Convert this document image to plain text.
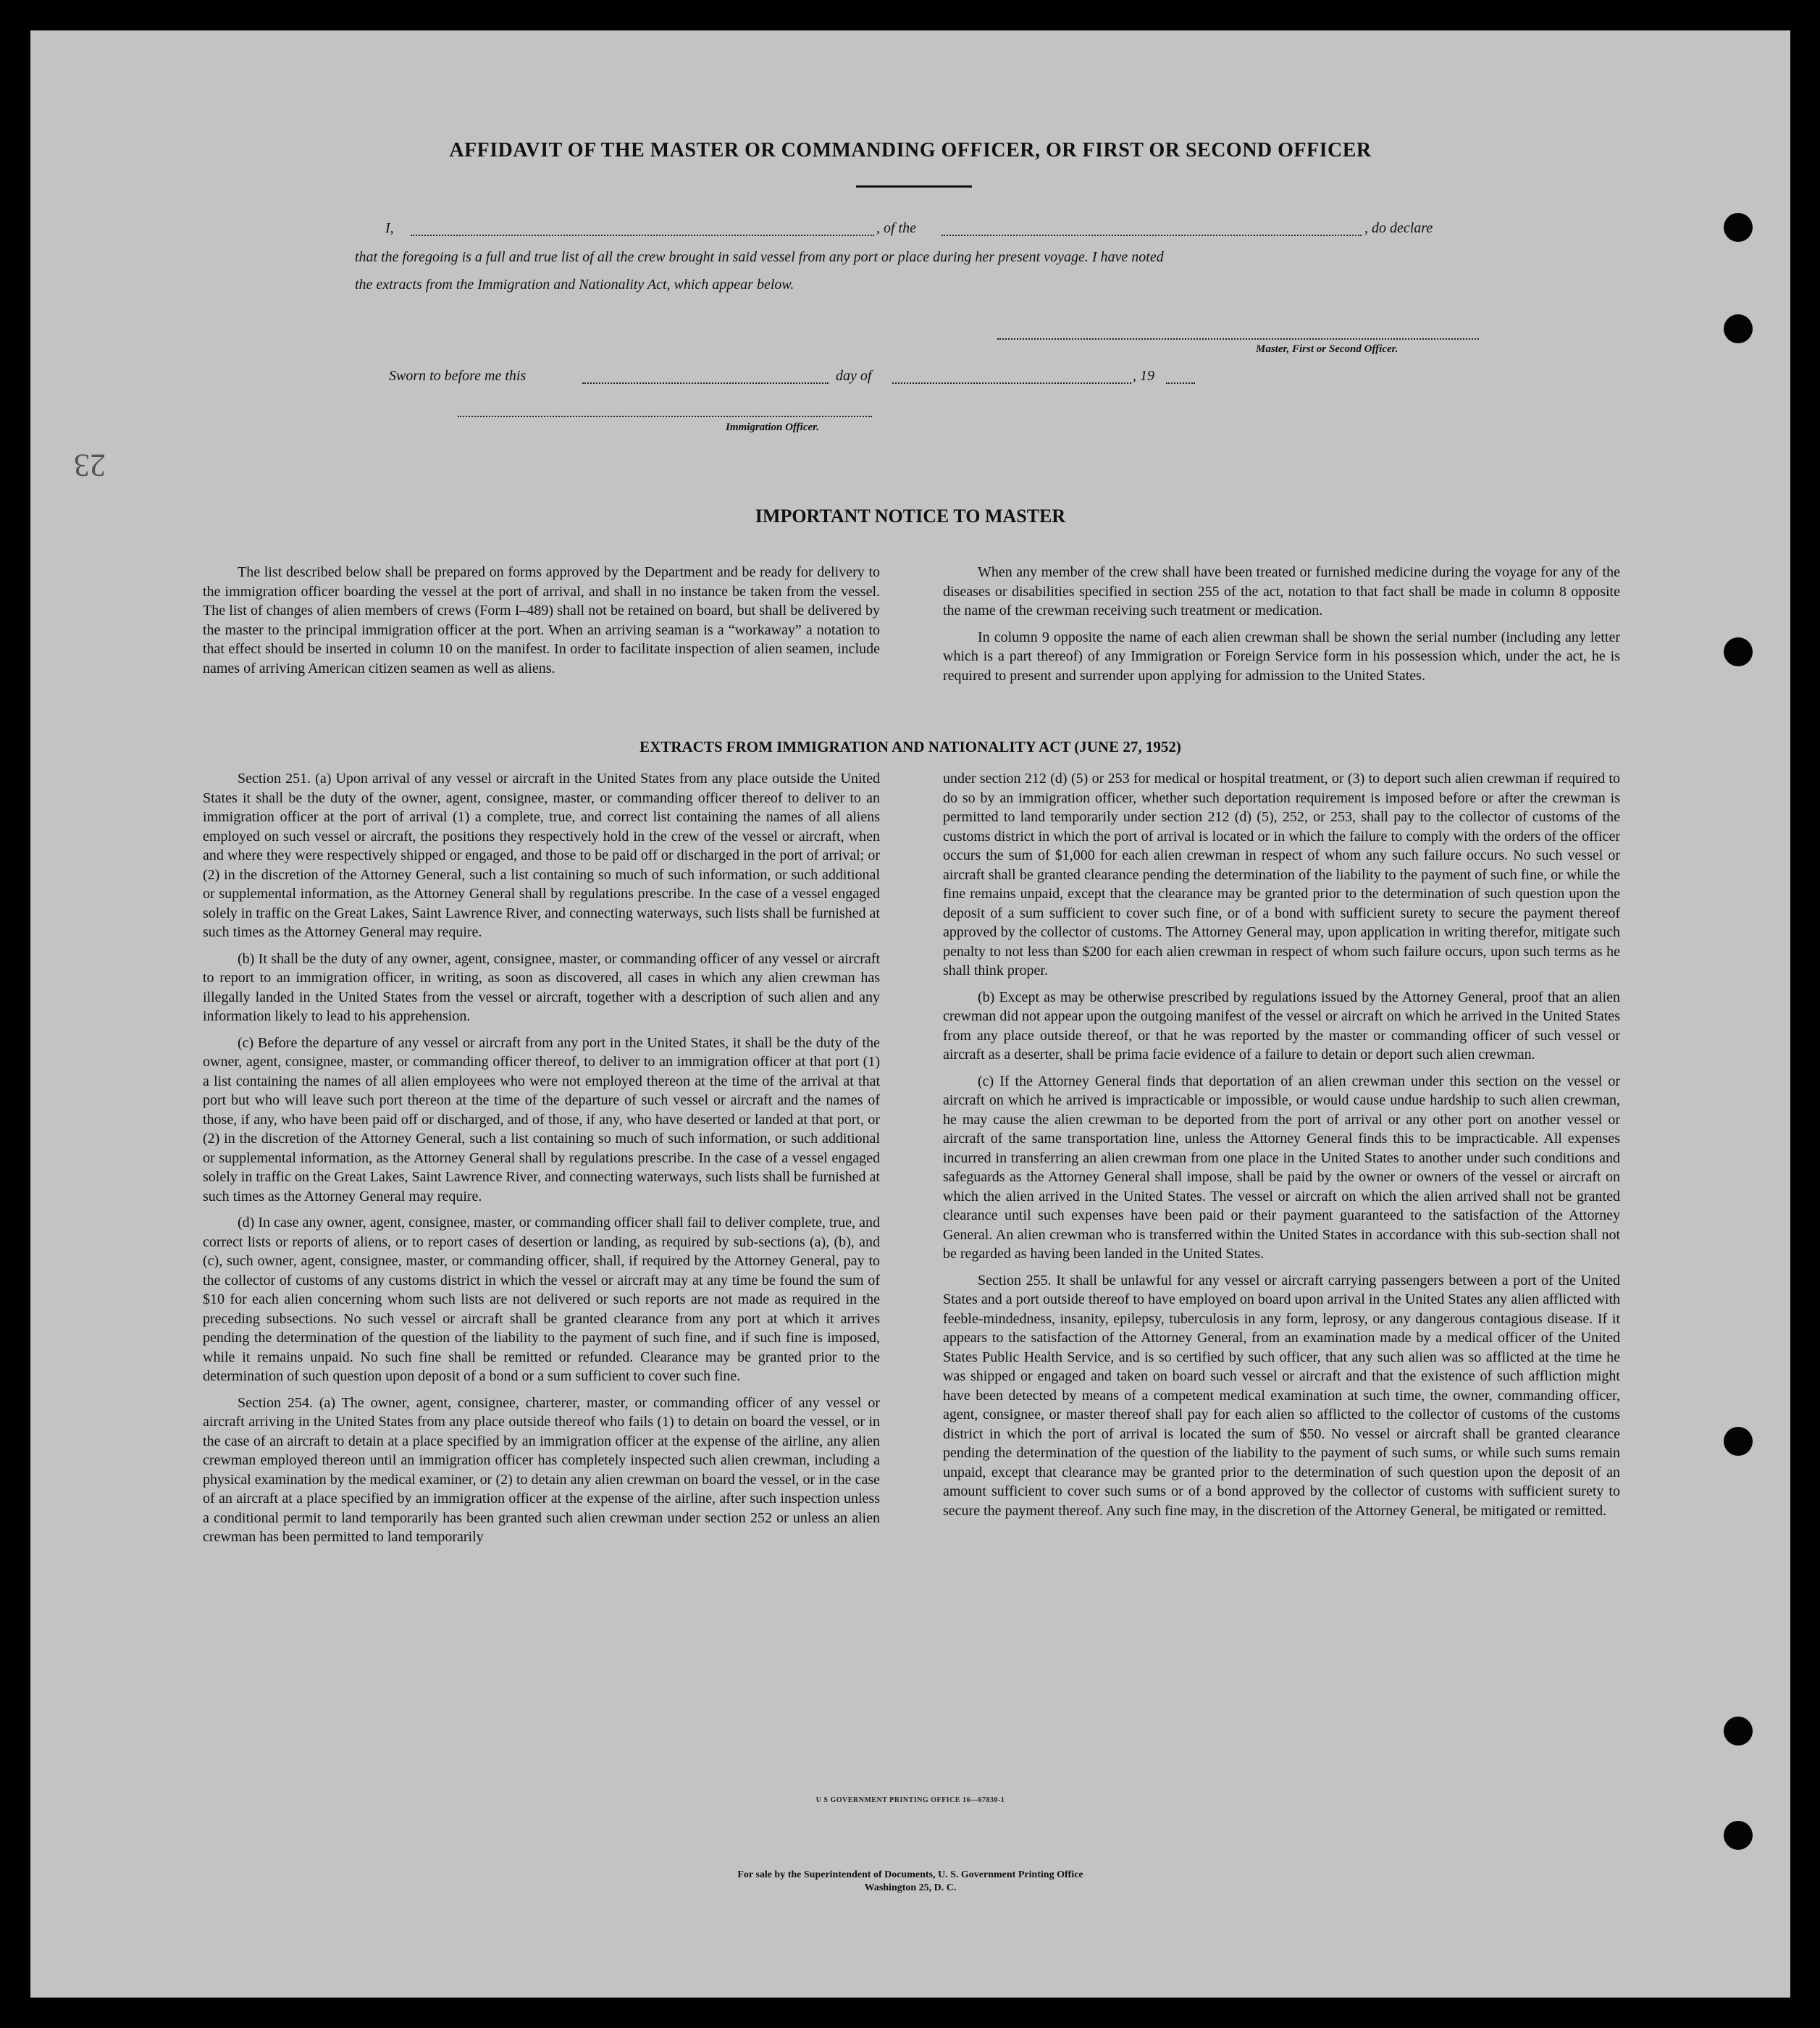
23
AFFIDAVIT OF THE MASTER OR COMMANDING OFFICER, OR FIRST OR SECOND OFFICER
I,	, of the	, do declare
that the foregoing is a full and true list of all the crew brought in said vessel from any port or place during her present voyage. I have noted
the extracts from the Immigration and Nationality Act, which appear below.
Master, First or Second Officer.
Sworn to before me this	day of	, 19
Immigration Officer.
IMPORTANT NOTICE TO MASTER

The list described below shall be prepared on forms approved by the Department and be ready for delivery to the immigration officer boarding the vessel at the port of arrival, and shall in no instance be taken from the vessel. The list of changes of alien members of crews (Form I–489) shall not be retained on board, but shall be delivered by the master to the principal immigration officer at the port. When an arriving seaman is a “workaway” a notation to that effect should be inserted in column 10 on the manifest. In order to facilitate inspection of alien seamen, include names of arriving American citizen seamen as well as aliens.

When any member of the crew shall have been treated or furnished medicine during the voyage for any of the diseases or disabilities specified in section 255 of the act, notation to that fact shall be made in column 8 opposite the name of the crewman receiving such treatment or medication.

In column 9 opposite the name of each alien crewman shall be shown the serial number (including any letter which is a part thereof) of any Immigration or Foreign Service form in his possession which, under the act, he is required to present and surrender upon applying for admission to the United States.

EXTRACTS FROM IMMIGRATION AND NATIONALITY ACT (JUNE 27, 1952)

Section 251. (a) Upon arrival of any vessel or aircraft in the United States from any place outside the United States it shall be the duty of the owner, agent, consignee, master, or commanding officer thereof to deliver to an immigration officer at the port of arrival (1) a complete, true, and correct list containing the names of all aliens employed on such vessel or aircraft, the positions they respectively hold in the crew of the vessel or aircraft, when and where they were respectively shipped or engaged, and those to be paid off or discharged in the port of arrival; or (2) in the discretion of the Attorney General, such a list containing so much of such information, or such additional or supplemental information, as the Attorney General shall by regulations prescribe. In the case of a vessel engaged solely in traffic on the Great Lakes, Saint Lawrence River, and connecting waterways, such lists shall be furnished at such times as the Attorney General may require.

(b) It shall be the duty of any owner, agent, consignee, master, or commanding officer of any vessel or aircraft to report to an immigration officer, in writing, as soon as discovered, all cases in which any alien crewman has illegally landed in the United States from the vessel or aircraft, together with a description of such alien and any information likely to lead to his apprehension.

(c) Before the departure of any vessel or aircraft from any port in the United States, it shall be the duty of the owner, agent, consignee, master, or commanding officer thereof, to deliver to an immigration officer at that port (1) a list containing the names of all alien employees who were not employed thereon at the time of the arrival at that port but who will leave such port thereon at the time of the departure of such vessel or aircraft and the names of those, if any, who have been paid off or discharged, and of those, if any, who have deserted or landed at that port, or (2) in the discretion of the Attorney General, such a list containing so much of such information, or such additional or supplemental information, as the Attorney General shall by regulations prescribe. In the case of a vessel engaged solely in traffic on the Great Lakes, Saint Lawrence River, and connecting waterways, such lists shall be furnished at such times as the Attorney General may require.

(d) In case any owner, agent, consignee, master, or commanding officer shall fail to deliver complete, true, and correct lists or reports of aliens, or to report cases of desertion or landing, as required by sub-sections (a), (b), and (c), such owner, agent, consignee, master, or commanding officer, shall, if required by the Attorney General, pay to the collector of customs of any customs district in which the vessel or aircraft may at any time be found the sum of $10 for each alien concerning whom such lists are not delivered or such reports are not made as required in the preceding subsections. No such vessel or aircraft shall be granted clearance from any port at which it arrives pending the determination of the question of the liability to the payment of such fine, and if such fine is imposed, while it remains unpaid. No such fine shall be remitted or refunded. Clearance may be granted prior to the determination of such question upon deposit of a bond or a sum sufficient to cover such fine.

Section 254. (a) The owner, agent, consignee, charterer, master, or commanding officer of any vessel or aircraft arriving in the United States from any place outside thereof who fails (1) to detain on board the vessel, or in the case of an aircraft to detain at a place specified by an immigration officer at the expense of the airline, any alien crewman employed thereon until an immigration officer has completely inspected such alien crewman, including a physical examination by the medical examiner, or (2) to detain any alien crewman on board the vessel, or in the case of an aircraft at a place specified by an immigration officer at the expense of the airline, after such inspection unless a conditional permit to land temporarily has been granted such alien crewman under section 252 or unless an alien crewman has been permitted to land temporarily

under section 212 (d) (5) or 253 for medical or hospital treatment, or (3) to deport such alien crewman if required to do so by an immigration officer, whether such deportation requirement is imposed before or after the crewman is permitted to land temporarily under section 212 (d) (5), 252, or 253, shall pay to the collector of customs of the customs district in which the port of arrival is located or in which the failure to comply with the orders of the officer occurs the sum of $1,000 for each alien crewman in respect of whom any such failure occurs. No such vessel or aircraft shall be granted clearance pending the determination of the liability to the payment of such fine, or while the fine remains unpaid, except that the clearance may be granted prior to the determination of such question upon the deposit of a sum sufficient to cover such fine, or of a bond with sufficient surety to secure the payment thereof approved by the collector of customs. The Attorney General may, upon application in writing therefor, mitigate such penalty to not less than $200 for each alien crewman in respect of whom such failure occurs, upon such terms as he shall think proper.

(b) Except as may be otherwise prescribed by regulations issued by the Attorney General, proof that an alien crewman did not appear upon the outgoing manifest of the vessel or aircraft on which he arrived in the United States from any place outside thereof, or that he was reported by the master or commanding officer of such vessel or aircraft as a deserter, shall be prima facie evidence of a failure to detain or deport such alien crewman.

(c) If the Attorney General finds that deportation of an alien crewman under this section on the vessel or aircraft on which he arrived is impracticable or impossible, or would cause undue hardship to such alien crewman, he may cause the alien crewman to be deported from the port of arrival or any other port on another vessel or aircraft of the same transportation line, unless the Attorney General finds this to be impracticable. All expenses incurred in transferring an alien crewman from one place in the United States to another under such conditions and safeguards as the Attorney General shall impose, shall be paid by the owner or owners of the vessel or aircraft on which the alien arrived in the United States. The vessel or aircraft on which the alien arrived shall not be granted clearance until such expenses have been paid or their payment guaranteed to the satisfaction of the Attorney General. An alien crewman who is transferred within the United States in accordance with this sub-section shall not be regarded as having been landed in the United States.

Section 255. It shall be unlawful for any vessel or aircraft carrying passengers between a port of the United States and a port outside thereof to have employed on board upon arrival in the United States any alien afflicted with feeble-mindedness, insanity, epilepsy, tuberculosis in any form, leprosy, or any dangerous contagious disease. If it appears to the satisfaction of the Attorney General, from an examination made by a medical officer of the United States Public Health Service, and is so certified by such officer, that any such alien was so afflicted at the time he was shipped or engaged and taken on board such vessel or aircraft and that the existence of such affliction might have been detected by means of a competent medical examination at such time, the owner, commanding officer, agent, consignee, or master thereof shall pay for each alien so afflicted to the collector of customs of the customs district in which the port of arrival is located the sum of $50. No vessel or aircraft shall be granted clearance pending the determination of the question of the liability to the payment of such sums, or while such sums remain unpaid, except that clearance may be granted prior to the determination of such question upon the deposit of an amount sufficient to cover such sums or of a bond approved by the collector of customs with sufficient surety to secure the payment thereof. Any such fine may, in the discretion of the Attorney General, be mitigated or remitted.

U S GOVERNMENT PRINTING OFFICE 16—67830-1
For sale by the Superintendent of Documents, U. S. Government Printing Office
Washington 25, D. C.
